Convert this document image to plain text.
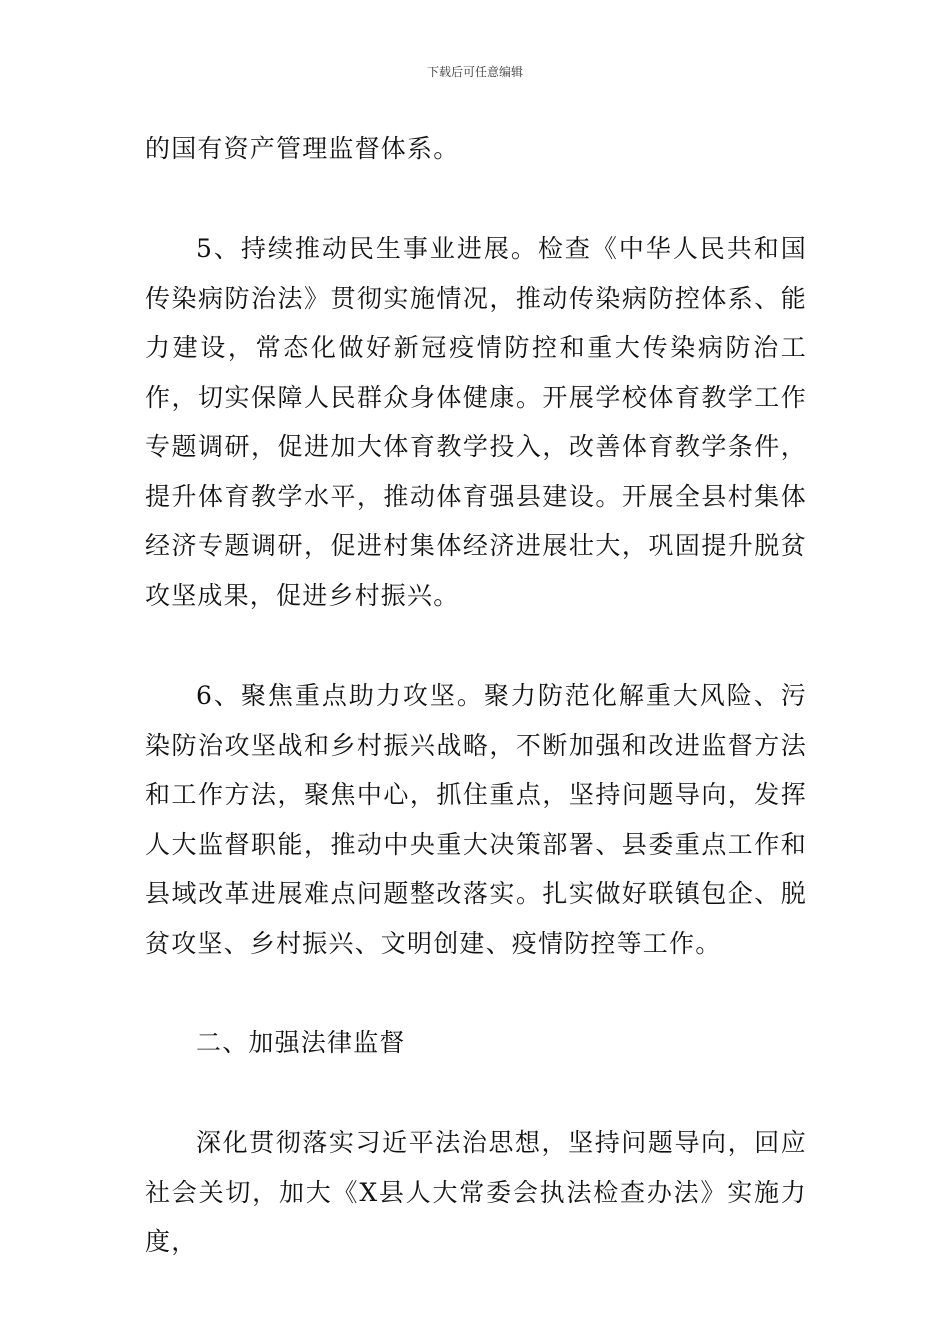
下载后可任意编辑

的国有资产管理监督体系。

5、持续推动民生事业进展。检查《中华人民共和国传染病防治法》贯彻实施情况，推动传染病防控体系、能力建设，常态化做好新冠疫情防控和重大传染病防治工作，切实保障人民群众身体健康。开展学校体育教学工作专题调研，促进加大体育教学投入，改善体育教学条件，提升体育教学水平，推动体育强县建设。开展全县村集体经济专题调研，促进村集体经济进展壮大，巩固提升脱贫攻坚成果，促进乡村振兴。

6、聚焦重点助力攻坚。聚力防范化解重大风险、污染防治攻坚战和乡村振兴战略，不断加强和改进监督方法和工作方法，聚焦中心，抓住重点，坚持问题导向，发挥人大监督职能，推动中央重大决策部署、县委重点工作和县域改革进展难点问题整改落实。扎实做好联镇包企、脱贫攻坚、乡村振兴、文明创建、疫情防控等工作。

二、加强法律监督

深化贯彻落实习近平法治思想，坚持问题导向，回应社会关切，加大《X县人大常委会执法检查办法》实施力度，
